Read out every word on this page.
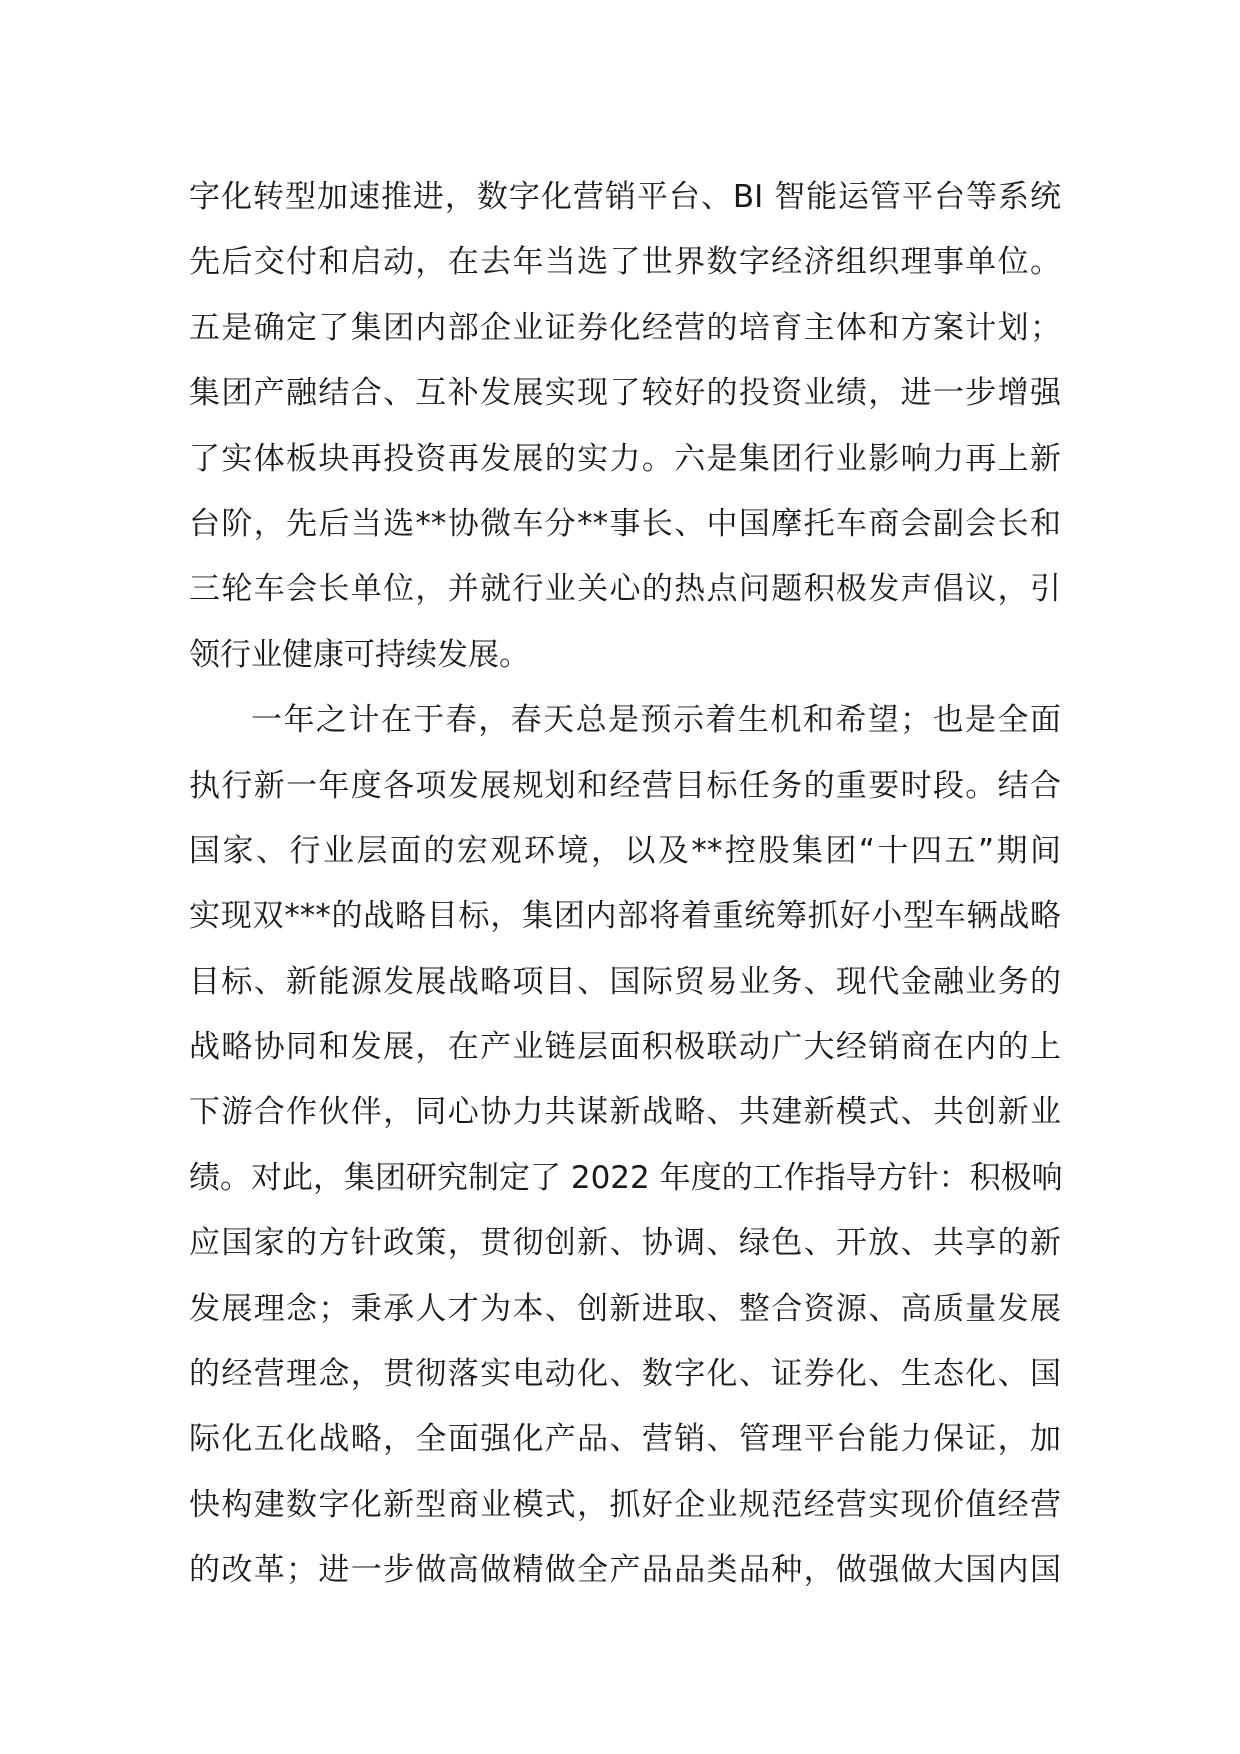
字化转型加速推进，数字化营销平台、BI 智能运管平台等系统
先后交付和启动，在去年当选了世界数字经济组织理事单位。
五是确定了集团内部企业证券化经营的培育主体和方案计划；
集团产融结合、互补发展实现了较好的投资业绩，进一步增强
了实体板块再投资再发展的实力。六是集团行业影响力再上新
台阶，先后当选**协微车分**事长、中国摩托车商会副会长和
三轮车会长单位，并就行业关心的热点问题积极发声倡议，引
领行业健康可持续发展。
一年之计在于春，春天总是预示着生机和希望；也是全面
执行新一年度各项发展规划和经营目标任务的重要时段。结合
国家、行业层面的宏观环境，以及**控股集团“十四五”期间
实现双***的战略目标，集团内部将着重统筹抓好小型车辆战略
目标、新能源发展战略项目、国际贸易业务、现代金融业务的
战略协同和发展，在产业链层面积极联动广大经销商在内的上
下游合作伙伴，同心协力共谋新战略、共建新模式、共创新业
绩。对此，集团研究制定了 2022 年度的工作指导方针：积极响
应国家的方针政策，贯彻创新、协调、绿色、开放、共享的新
发展理念；秉承人才为本、创新进取、整合资源、高质量发展
的经营理念，贯彻落实电动化、数字化、证券化、生态化、国
际化五化战略，全面强化产品、营销、管理平台能力保证，加
快构建数字化新型商业模式，抓好企业规范经营实现价值经营
的改革；进一步做高做精做全产品品类品种，做强做大国内国
